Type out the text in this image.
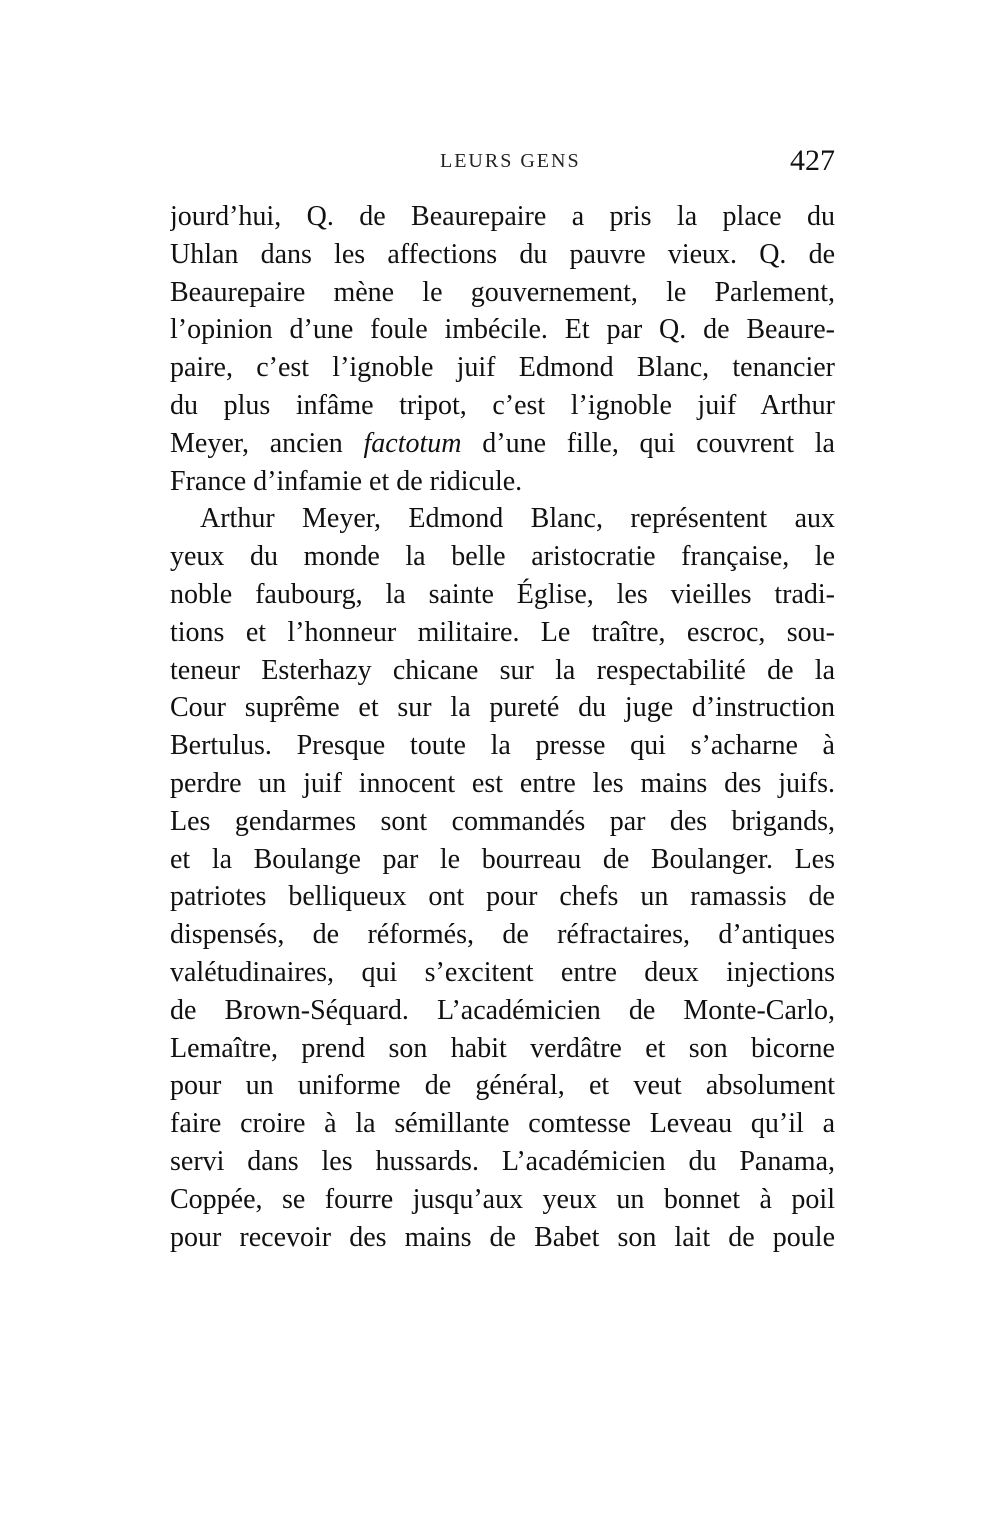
LEURS GENS	427
jourd’hui, Q. de Beaurepaire a pris la place du
Uhlan dans les affections du pauvre vieux. Q. de
Beaurepaire mène le gouvernement, le Parlement,
l’opinion d’une foule imbécile. Et par Q. de Beaure-
paire, c’est l’ignoble juif Edmond Blanc, tenancier
du plus infâme tripot, c’est l’ignoble juif Arthur
Meyer, ancien factotum d’une fille, qui couvrent la
France d’infamie et de ridicule.
Arthur Meyer, Edmond Blanc, représentent aux
yeux du monde la belle aristocratie française, le
noble faubourg, la sainte Église, les vieilles tradi-
tions et l’honneur militaire. Le traître, escroc, sou-
teneur Esterhazy chicane sur la respectabilité de la
Cour suprême et sur la pureté du juge d’instruction
Bertulus. Presque toute la presse qui s’acharne à
perdre un juif innocent est entre les mains des juifs.
Les gendarmes sont commandés par des brigands,
et la Boulange par le bourreau de Boulanger. Les
patriotes belliqueux ont pour chefs un ramassis de
dispensés, de réformés, de réfractaires, d’antiques
valétudinaires, qui s’excitent entre deux injections
de Brown-Séquard. L’académicien de Monte-Carlo,
Lemaître, prend son habit verdâtre et son bicorne
pour un uniforme de général, et veut absolument
faire croire à la sémillante comtesse Leveau qu’il a
servi dans les hussards. L’académicien du Panama,
Coppée, se fourre jusqu’aux yeux un bonnet à poil
pour recevoir des mains de Babet son lait de poule
